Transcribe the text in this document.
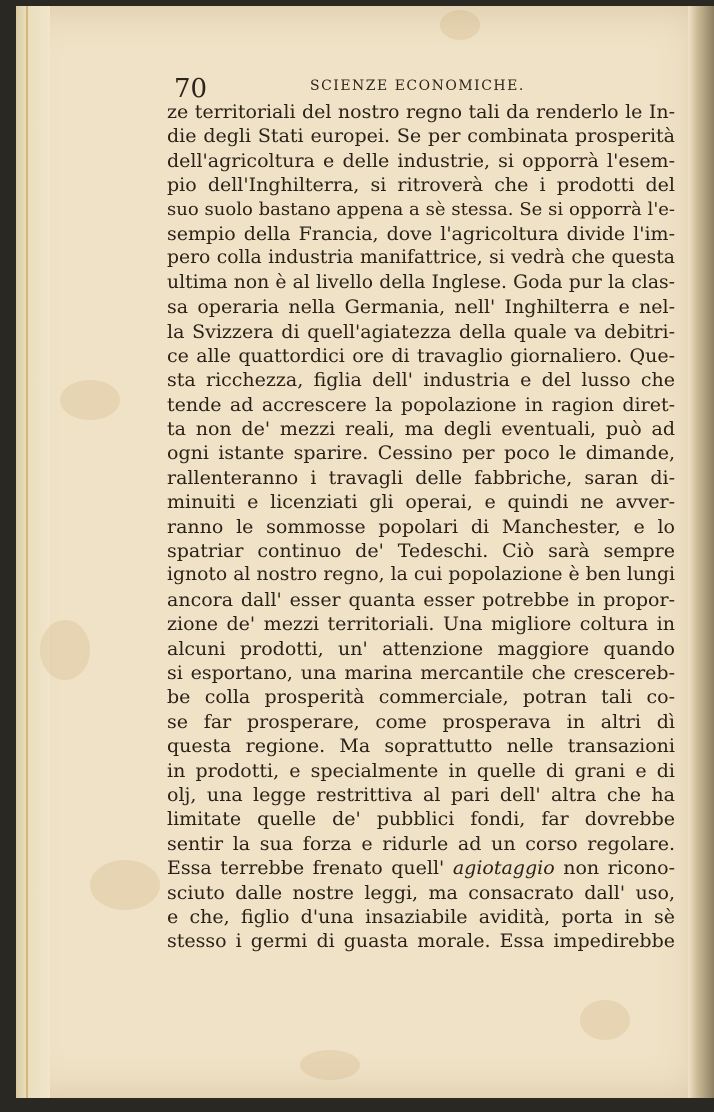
70	SCIENZE ECONOMICHE.
ze territoriali del nostro regno tali da renderlo le In-
die degli Stati europei. Se per combinata prosperità
dell'agricoltura e delle industrie, si opporrà l'esem-
pio dell'Inghilterra, si ritroverà che i prodotti del
suo suolo bastano appena a sè stessa. Se si opporrà l'e-
sempio della Francia, dove l'agricoltura divide l'im-
pero colla industria manifattrice, si vedrà che questa
ultima non è al livello della Inglese. Goda pur la clas-
sa operaria nella Germania, nell' Inghilterra e nel-
la Svizzera di quell'agiatezza della quale va debitri-
ce alle quattordici ore di travaglio giornaliero. Que-
sta ricchezza, figlia dell' industria e del lusso che
tende ad accrescere la popolazione in ragion diret-
ta non de' mezzi reali, ma degli eventuali, può ad
ogni istante sparire. Cessino per poco le dimande,
rallenteranno i travagli delle fabbriche, saran di-
minuiti e licenziati gli operai, e quindi ne avver-
ranno le sommosse popolari di Manchester, e lo
spatriar continuo de' Tedeschi. Ciò sarà sempre
ignoto al nostro regno, la cui popolazione è ben lungi
ancora dall' esser quanta esser potrebbe in propor-
zione de' mezzi territoriali. Una migliore coltura in
alcuni prodotti, un' attenzione maggiore quando
si esportano, una marina mercantile che crescereb-
be colla prosperità commerciale, potran tali co-
se far prosperare, come prosperava in altri dì
questa regione. Ma soprattutto nelle transazioni
in prodotti, e specialmente in quelle di grani e di
olj, una legge restrittiva al pari dell' altra che ha
limitate quelle de' pubblici fondi, far dovrebbe
sentir la sua forza e ridurle ad un corso regolare.
Essa terrebbe frenato quell' agiotaggio non ricono-
sciuto dalle nostre leggi, ma consacrato dall' uso,
e che, figlio d'una insaziabile avidità, porta in sè
stesso i germi di guasta morale. Essa impedirebbe
